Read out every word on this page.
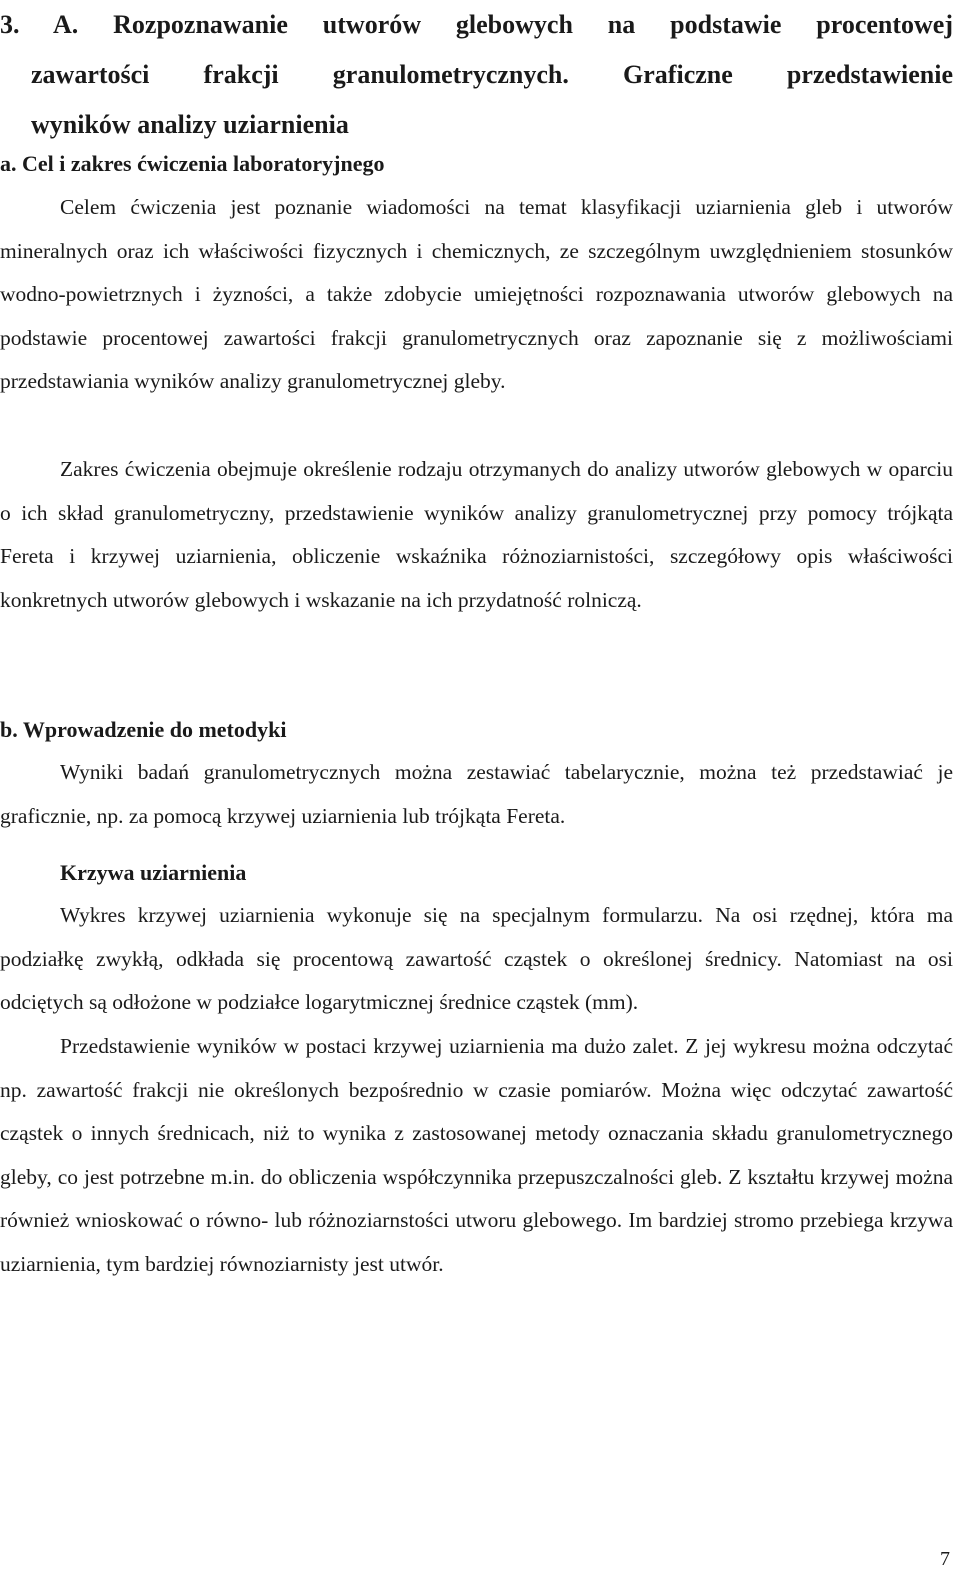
3. A. Rozpoznawanie utworów glebowych na podstawie procentowej
zawartości frakcji granulometrycznych. Graficzne przedstawienie
wyników analizy uziarnienia
a. Cel i zakres ćwiczenia laboratoryjnego

Celem ćwiczenia jest poznanie wiadomości na temat klasyfikacji uziarnienia gleb i utworów mineralnych oraz ich właściwości fizycznych i chemicznych, ze szczególnym uwzględnieniem stosunków wodno-powietrznych i żyzności, a także zdobycie umiejętności rozpoznawania utworów glebowych na podstawie procentowej zawartości frakcji granulometrycznych oraz zapoznanie się z możliwościami przedstawiania wyników analizy granulometrycznej gleby.

Zakres ćwiczenia obejmuje określenie rodzaju otrzymanych do analizy utworów glebowych w oparciu o ich skład granulometryczny, przedstawienie wyników analizy granulometrycznej przy pomocy trójkąta Fereta i krzywej uziarnienia, obliczenie wskaźnika różnoziarnistości, szczegółowy opis właściwości konkretnych utworów glebowych i wskazanie na ich przydatność rolniczą.

b. Wprowadzenie do metodyki

Wyniki badań granulometrycznych można zestawiać tabelarycznie, można też przedstawiać je graficznie, np. za pomocą krzywej uziarnienia lub trójkąta Fereta.

Krzywa uziarnienia

Wykres krzywej uziarnienia wykonuje się na specjalnym formularzu. Na osi rzędnej, która ma podziałkę zwykłą, odkłada się procentową zawartość cząstek o określonej średnicy. Natomiast na osi odciętych są odłożone w podziałce logarytmicznej średnice cząstek (mm).

Przedstawienie wyników w postaci krzywej uziarnienia ma dużo zalet. Z jej wykresu można odczytać np. zawartość frakcji nie określonych bezpośrednio w czasie pomiarów. Można więc odczytać zawartość cząstek o innych średnicach, niż to wynika z zastosowanej metody oznaczania składu granulometrycznego gleby, co jest potrzebne m.in. do obliczenia współczynnika przepuszczalności gleb. Z kształtu krzywej można również wnioskować o równo- lub różnoziarnstości utworu glebowego. Im bardziej stromo przebiega krzywa uziarnienia, tym bardziej równoziarnisty jest utwór.

7
